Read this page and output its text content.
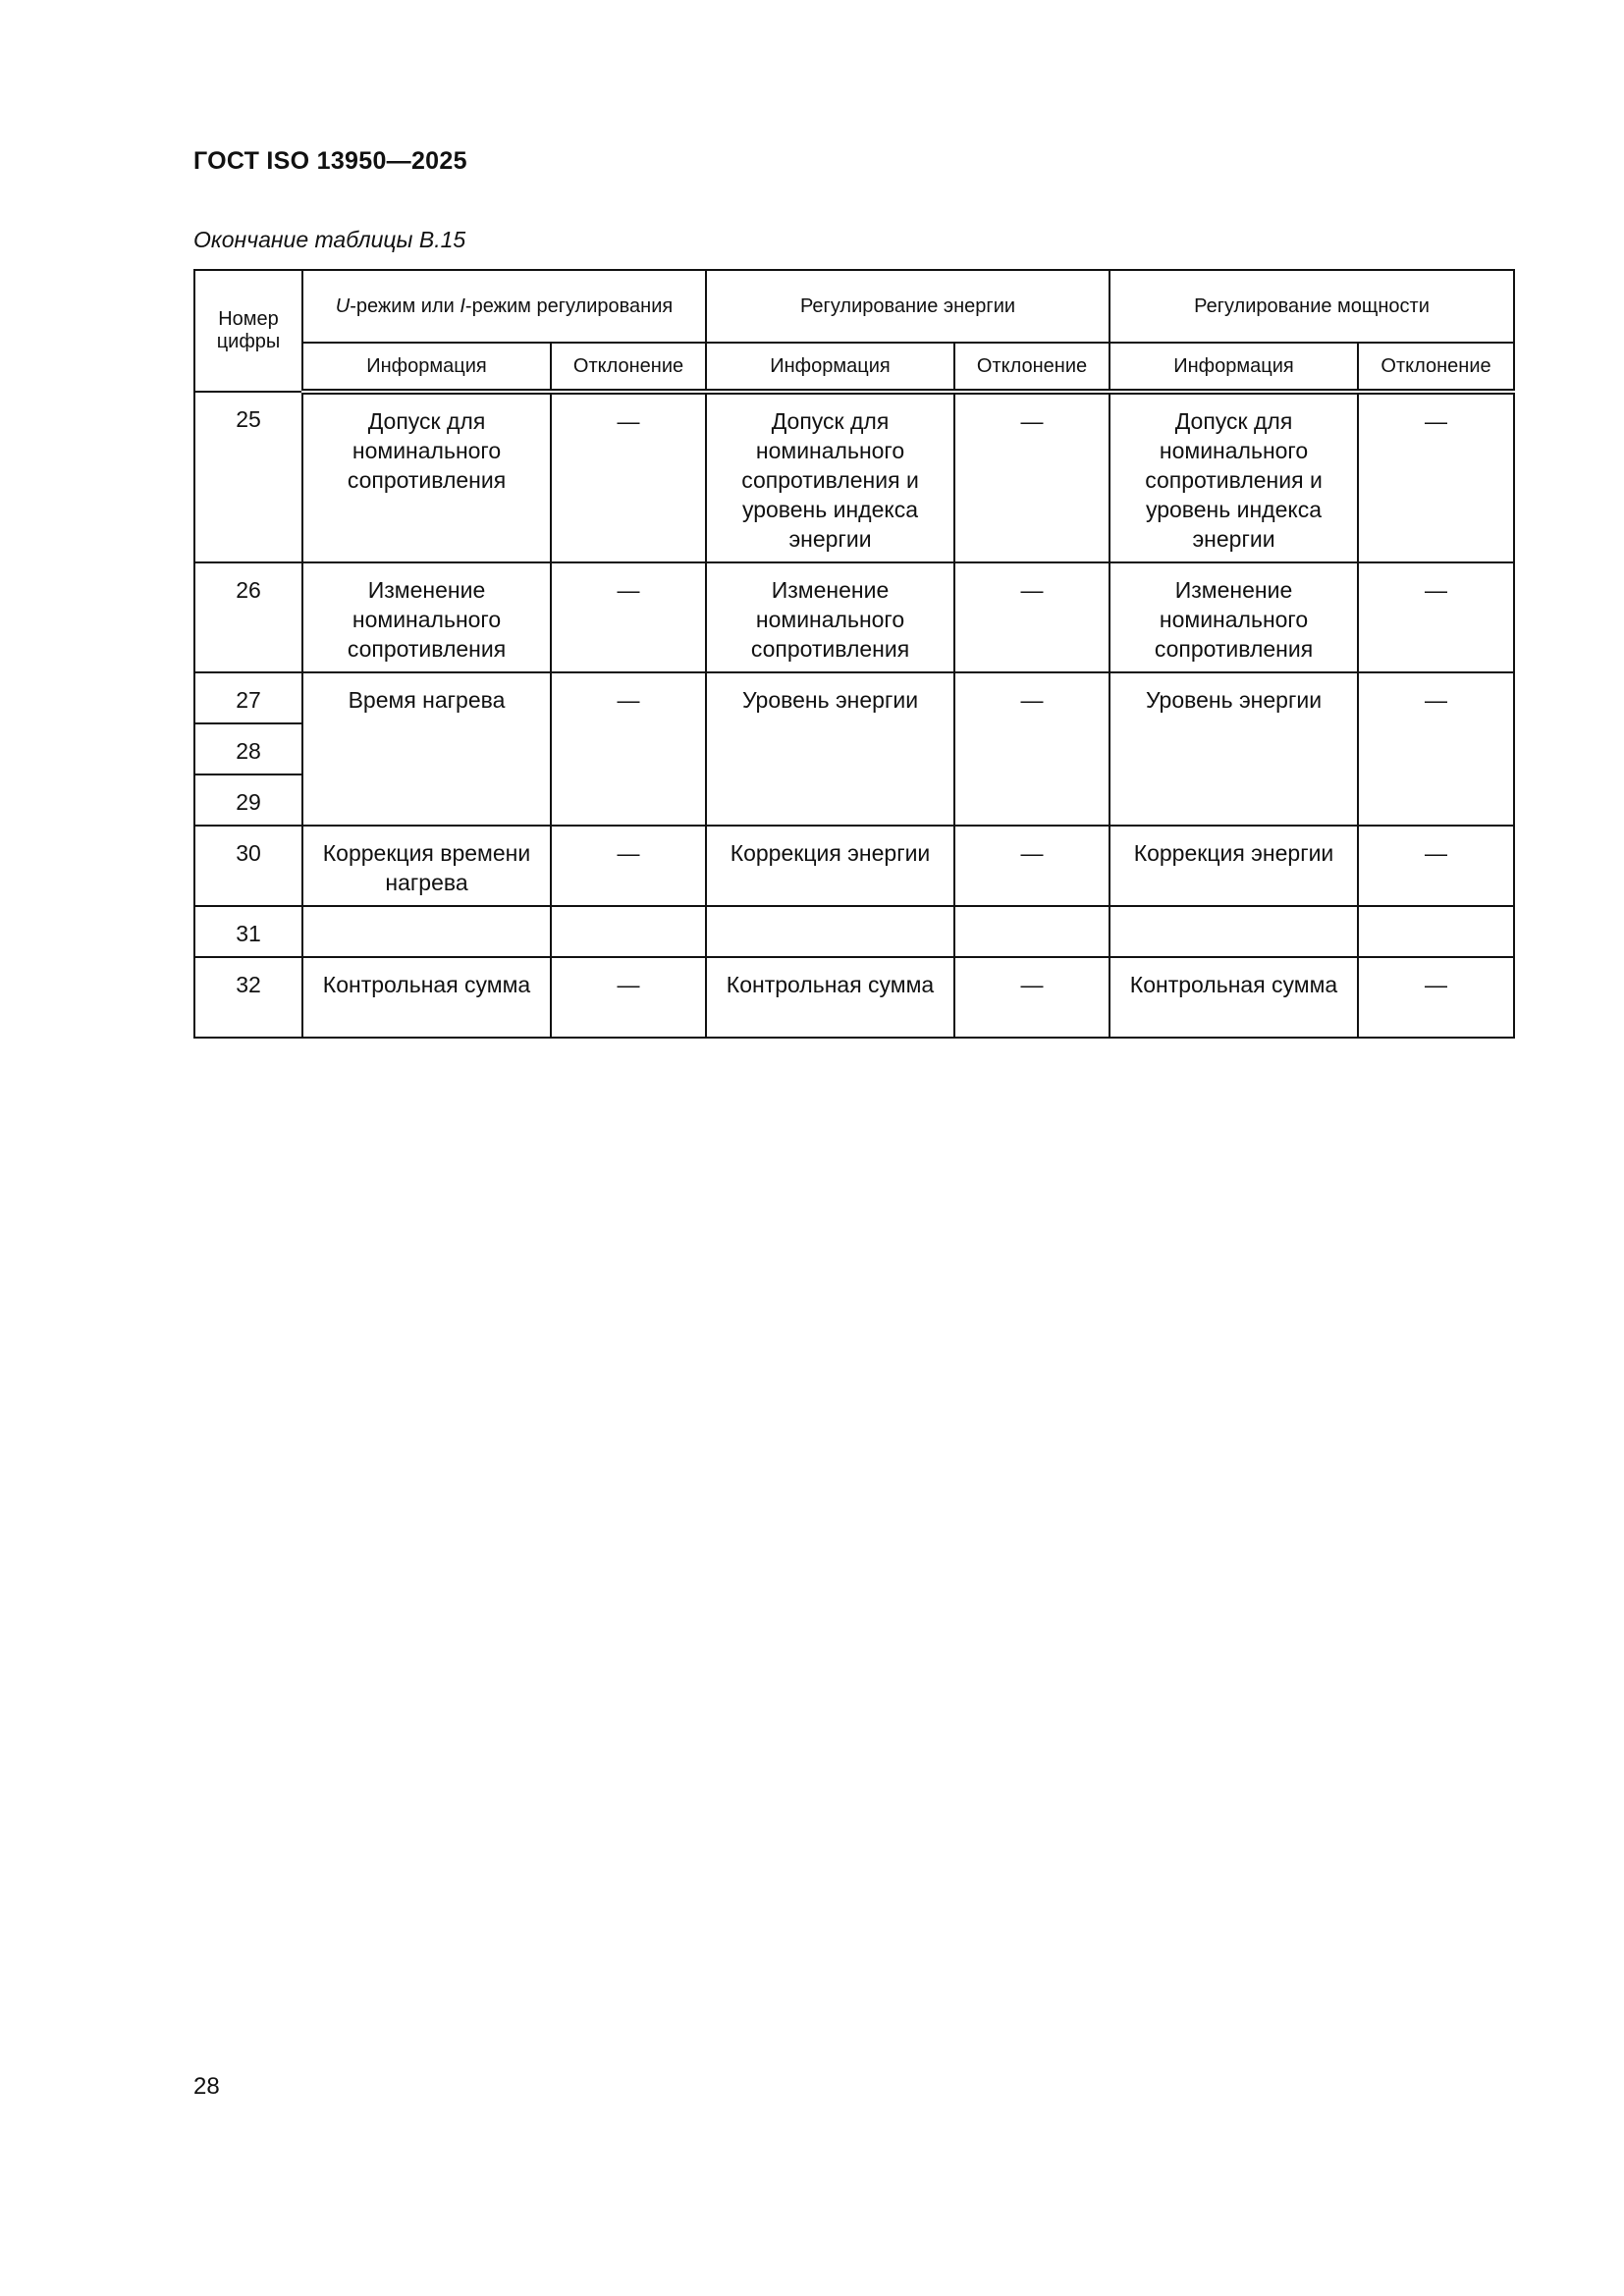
ГОСТ ISO 13950—2025
Окончание таблицы B.15
Номер цифры	U-режим или I-режим регулирования		Регулирование энергии		Регулирование мощности	
	Информация	Отклонение	Информация	Отклонение	Информация	Отклонение
25	Допуск для номинального сопротивления	—	Допуск для номинального сопротивления и уровень индекса энергии	—	Допуск для номинального сопротивления и уровень индекса энергии	—
26	Изменение номинального сопротивления	—	Изменение номинального сопротивления	—	Изменение номинального сопротивления	—
27	Время нагрева	—	Уровень энергии	—	Уровень энергии	—
28						
29						
30	Коррекция времени нагрева	—	Коррекция энергии	—	Коррекция энергии	—
31						
32	Контрольная сумма	—	Контрольная сумма	—	Контрольная сумма	—
28
